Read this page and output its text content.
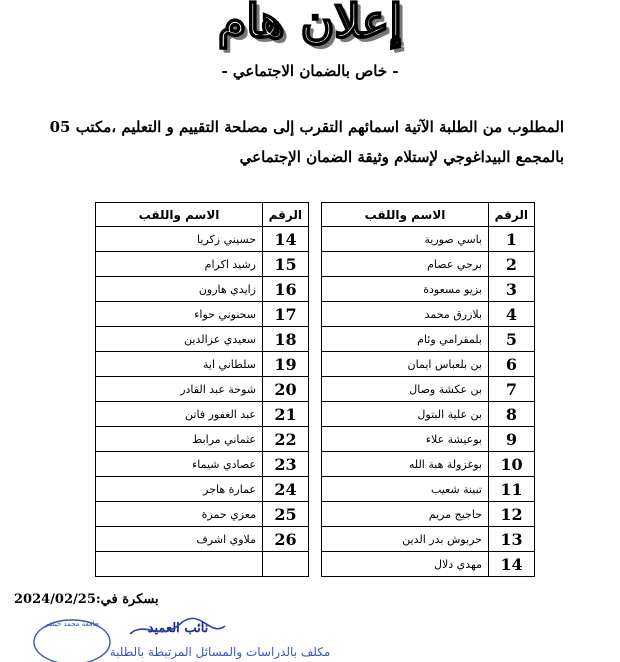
إعلان هام
- خاص بالضمان الاجتماعي -
المطلوب من الطلبة الآتية اسمائهم التقرب إلى مصلحة التقييم و التعليم ،مكتب 05
بالمجمع البيداغوجي لإستلام وثيقة الضمان الإجتماعي
الرقم	الاسم واللقب		الرقم	الاسم واللقب
1	باسي صورية		14	حسيني زكريا
2	برجي عصام		15	رشيد اكرام
3	بزيو مسعودة		16	زايدي هارون
4	بلازرق محمد		17	سحنوني حواء
5	بلمقرامي وئام		18	سعيدي عزالدين
6	بن بلعباس ايمان		19	سلطاني اية
7	بن عكشة وصال		20	شوحة عبد القادر
8	بن علية البتول		21	عبد الغفور فاتن
9	بوعيشة علاء		22	عثماني مرابط
10	بوغزولة هبة الله		23	عصادي شيماء
11	تبينة شعيب		24	عمارة هاجر
12	حاجيج مريم		25	معزي حمزة
13	حربوش بدر الدين		26	ملاوي اشرف
14	مهدي دلال			
بسكرة في:2024/02/25
جامعة محمد خيضر	نائب العميد
مكلف بالدراسات والمسائل المرتبطة بالطلبة
